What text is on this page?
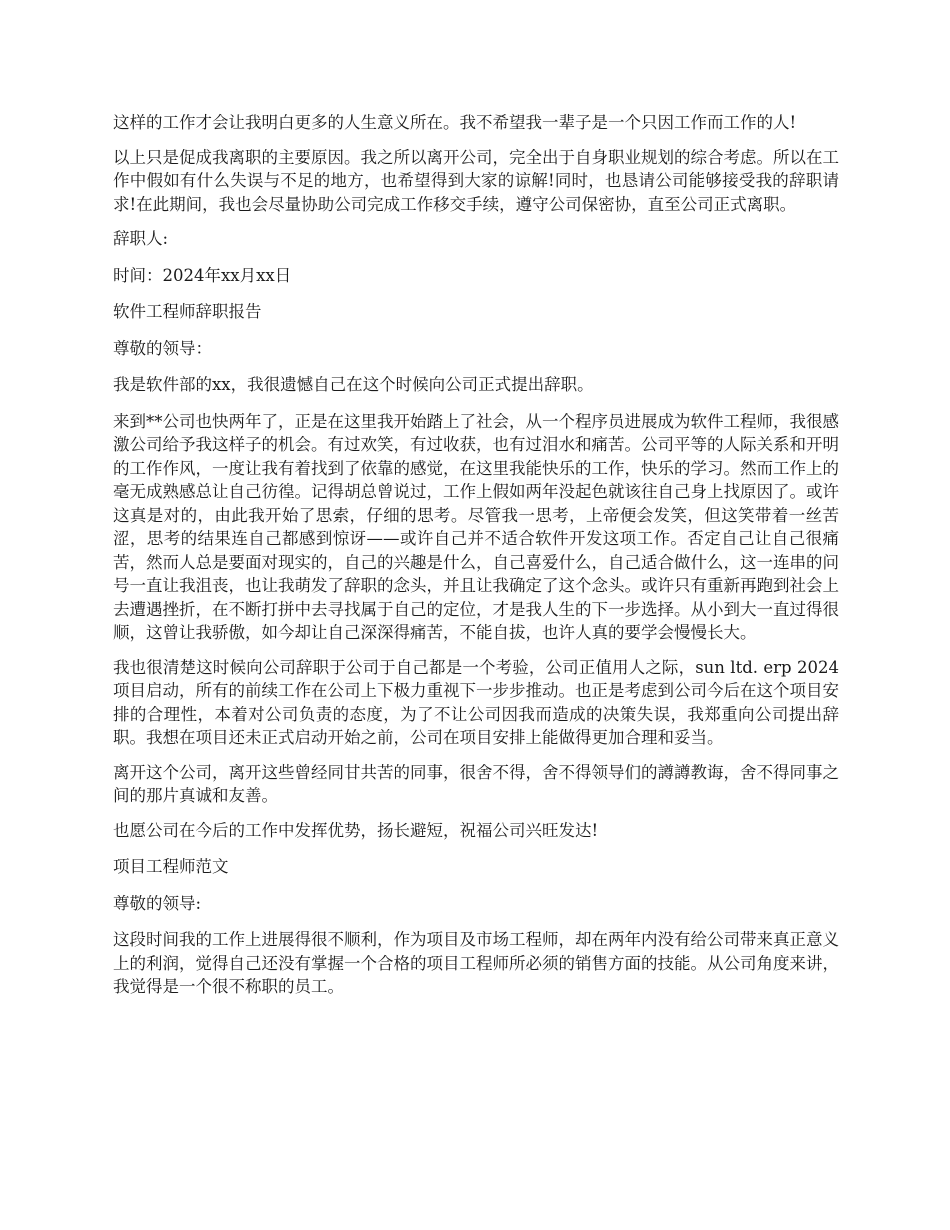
这样的工作才会让我明白更多的人生意义所在。我不希望我一辈子是一个只因工作而工作的人!

以上只是促成我离职的主要原因。我之所以离开公司，完全出于自身职业规划的综合考虑。所以在工作中假如有什么失误与不足的地方，也希望得到大家的谅解!同时，也恳请公司能够接受我的辞职请求!在此期间，我也会尽量协助公司完成工作移交手续，遵守公司保密协，直至公司正式离职。

辞职人:

时间：2024年xx月xx日

软件工程师辞职报告

尊敬的领导：

我是软件部的xx，我很遗憾自己在这个时候向公司正式提出辞职。

来到**公司也快两年了，正是在这里我开始踏上了社会，从一个程序员进展成为软件工程师，我很感激公司给予我这样子的机会。有过欢笑，有过收获，也有过泪水和痛苦。公司平等的人际关系和开明的工作作风，一度让我有着找到了依靠的感觉，在这里我能快乐的工作，快乐的学习。然而工作上的毫无成熟感总让自己彷徨。记得胡总曾说过，工作上假如两年没起色就该往自己身上找原因了。或许这真是对的，由此我开始了思索，仔细的思考。尽管我一思考，上帝便会发笑，但这笑带着一丝苦涩，思考的结果连自己都感到惊讶——或许自己并不适合软件开发这项工作。否定自己让自己很痛苦，然而人总是要面对现实的，自己的兴趣是什么，自己喜爱什么，自己适合做什么，这一连串的问号一直让我沮丧，也让我萌发了辞职的念头，并且让我确定了这个念头。或许只有重新再跑到社会上去遭遇挫折，在不断打拼中去寻找属于自己的定位，才是我人生的下一步选择。从小到大一直过得很顺，这曾让我骄傲，如今却让自己深深得痛苦，不能自拔，也许人真的要学会慢慢长大。

我也很清楚这时候向公司辞职于公司于自己都是一个考验，公司正值用人之际，sun ltd. erp 2024项目启动，所有的前续工作在公司上下极力重视下一步步推动。也正是考虑到公司今后在这个项目安排的合理性，本着对公司负责的态度，为了不让公司因我而造成的决策失误，我郑重向公司提出辞职。我想在项目还未正式启动开始之前，公司在项目安排上能做得更加合理和妥当。

离开这个公司，离开这些曾经同甘共苦的同事，很舍不得，舍不得领导们的譐譐教诲，舍不得同事之间的那片真诚和友善。

也愿公司在今后的工作中发挥优势，扬长避短，祝福公司兴旺发达!

项目工程师范文

尊敬的领导:

这段时间我的工作上进展得很不顺利，作为项目及市场工程师，却在两年内没有给公司带来真正意义上的利润，觉得自己还没有掌握一个合格的项目工程师所必须的销售方面的技能。从公司角度来讲，我觉得是一个很不称职的员工。
